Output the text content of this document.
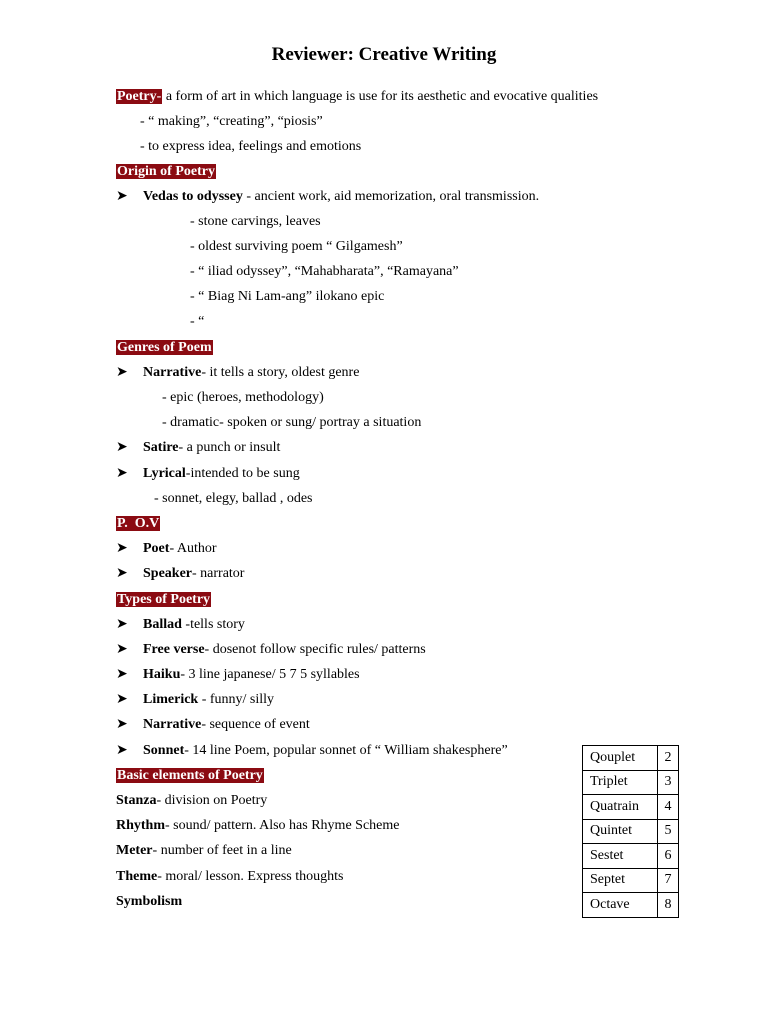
Reviewer: Creative Writing
Poetry- a form of art in which language is use for its aesthetic and evocative qualities
- “ making”, “creating”, “piosis”
- to express idea, feelings and emotions
Origin of Poetry
➤ Vedas to odyssey - ancient work, aid memorization, oral transmission.
- stone carvings, leaves
- oldest surviving poem “ Gilgamesh”
- “ iliad odyssey”, “Mahabharata”, “Ramayana”
- “ Biag Ni Lam-ang” ilokano epic
- “
Genres of Poem
➤ Narrative- it tells a story, oldest genre
- epic (heroes, methodology)
- dramatic- spoken or sung/ portray a situation
➤ Satire- a punch or insult
➤ Lyrical-intended to be sung
- sonnet, elegy, ballad , odes
P.  O.V
➤ Poet- Author
➤ Speaker- narrator
Types of Poetry
➤ Ballad -tells story
➤ Free verse- dosenot follow specific rules/ patterns
➤ Haiku- 3 line japanese/ 5 7 5 syllables
➤ Limerick - funny/ silly
➤ Narrative- sequence of event
➤ Sonnet- 14 line Poem, popular sonnet of “ William shakesphere”
Basic elements of Poetry
Stanza- division on Poetry
Rhythm- sound/ pattern. Also has Rhyme Scheme
Meter- number of feet in a line
Theme- moral/ lesson. Express thoughts
Symbolism
Qouplet	2
Triplet	3
Quatrain	4
Quintet	5
Sestet	6
Septet	7
Octave	8
